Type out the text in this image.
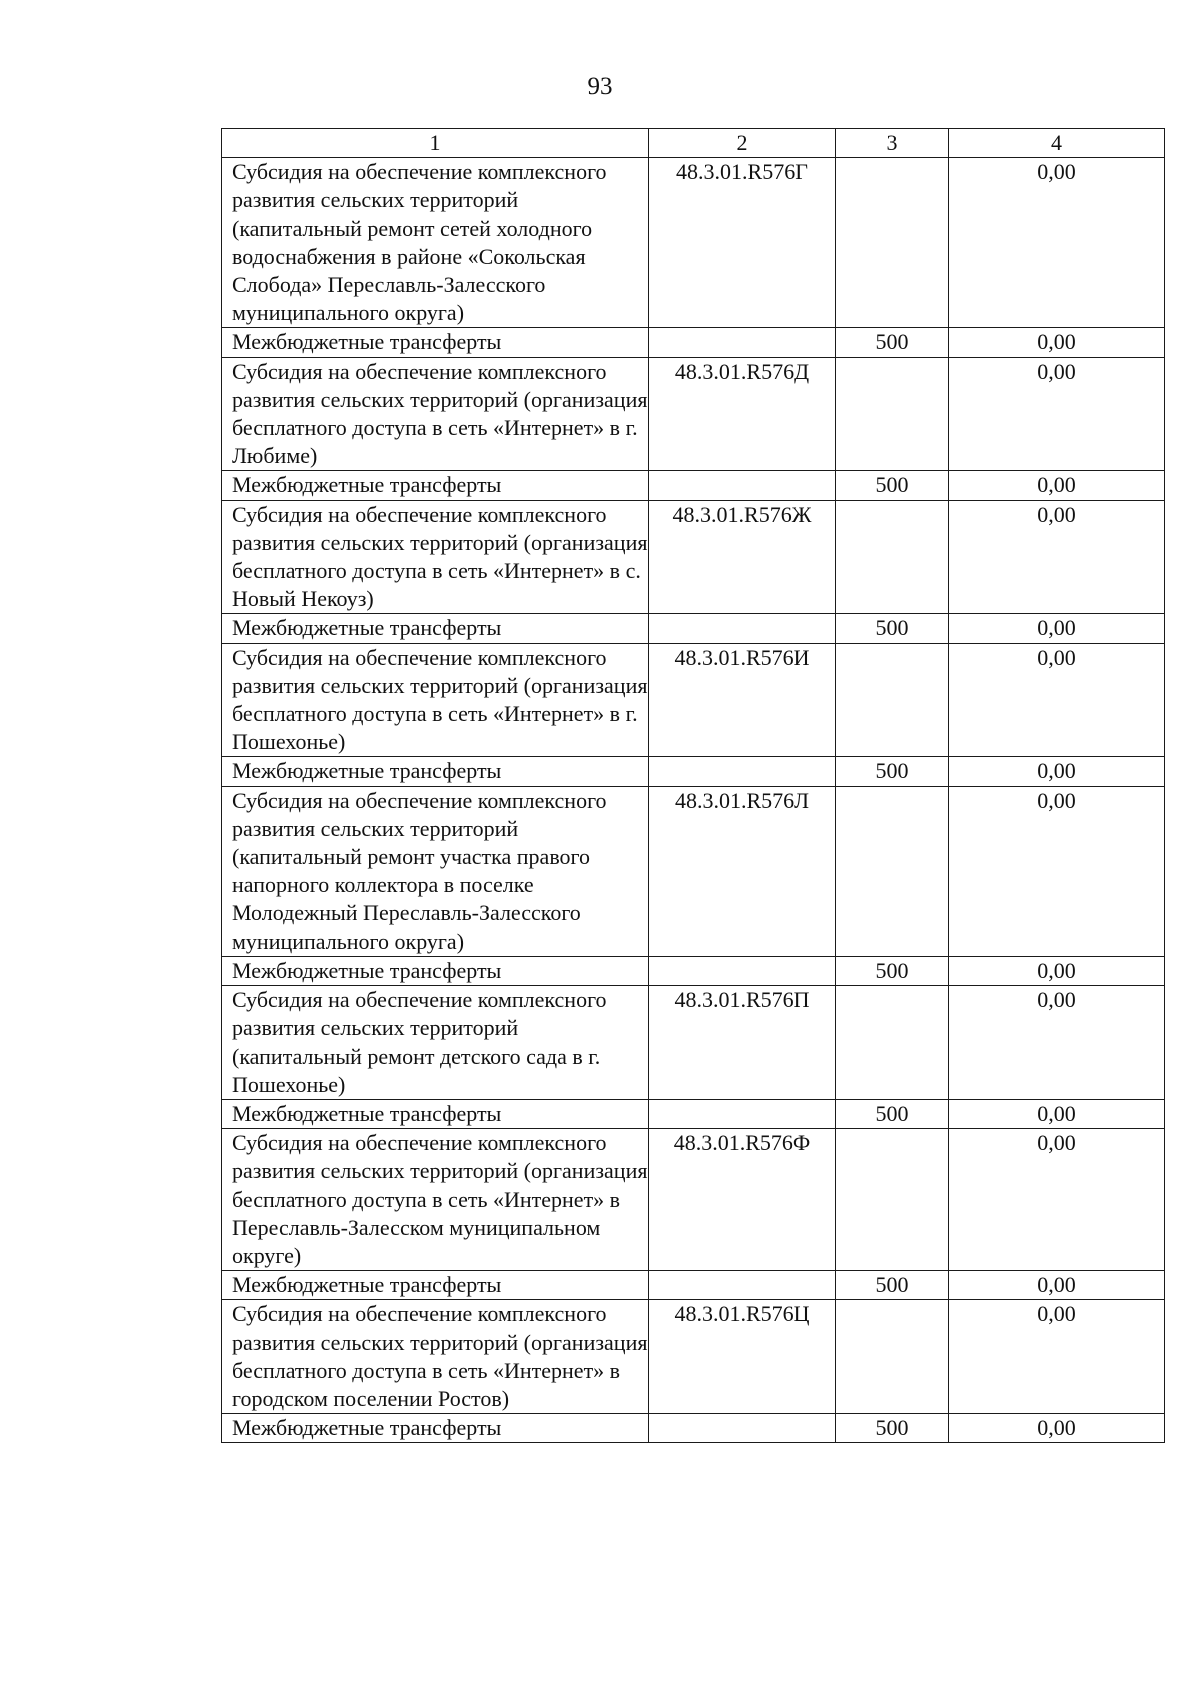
93
1	2	3	4
Субсидия на обеспечение комплексного развития сельских территорий (капитальный ремонт сетей холодного водоснабжения в районе «Сокольская Слобода» Переславль-Залесского муниципального округа)	48.3.01.R576Г		0,00
Межбюджетные трансферты		500	0,00
Субсидия на обеспечение комплексного развития сельских территорий (организация бесплатного доступа в сеть «Интернет» в г. Любиме)	48.3.01.R576Д		0,00
Межбюджетные трансферты		500	0,00
Субсидия на обеспечение комплексного развития сельских территорий (организация бесплатного доступа в сеть «Интернет» в с. Новый Некоуз)	48.3.01.R576Ж		0,00
Межбюджетные трансферты		500	0,00
Субсидия на обеспечение комплексного развития сельских территорий (организация бесплатного доступа в сеть «Интернет» в г. Пошехонье)	48.3.01.R576И		0,00
Межбюджетные трансферты		500	0,00
Субсидия на обеспечение комплексного развития сельских территорий (капитальный ремонт участка правого напорного коллектора в поселке Молодежный Переславль-Залесского муниципального округа)	48.3.01.R576Л		0,00
Межбюджетные трансферты		500	0,00
Субсидия на обеспечение комплексного развития сельских территорий (капитальный ремонт детского сада в г. Пошехонье)	48.3.01.R576П		0,00
Межбюджетные трансферты		500	0,00
Субсидия на обеспечение комплексного развития сельских территорий (организация бесплатного доступа в сеть «Интернет» в Переславль-Залесском муниципальном округе)	48.3.01.R576Ф		0,00
Межбюджетные трансферты		500	0,00
Субсидия на обеспечение комплексного развития сельских территорий (организация бесплатного доступа в сеть «Интернет» в городском поселении Ростов)	48.3.01.R576Ц		0,00
Межбюджетные трансферты		500	0,00
